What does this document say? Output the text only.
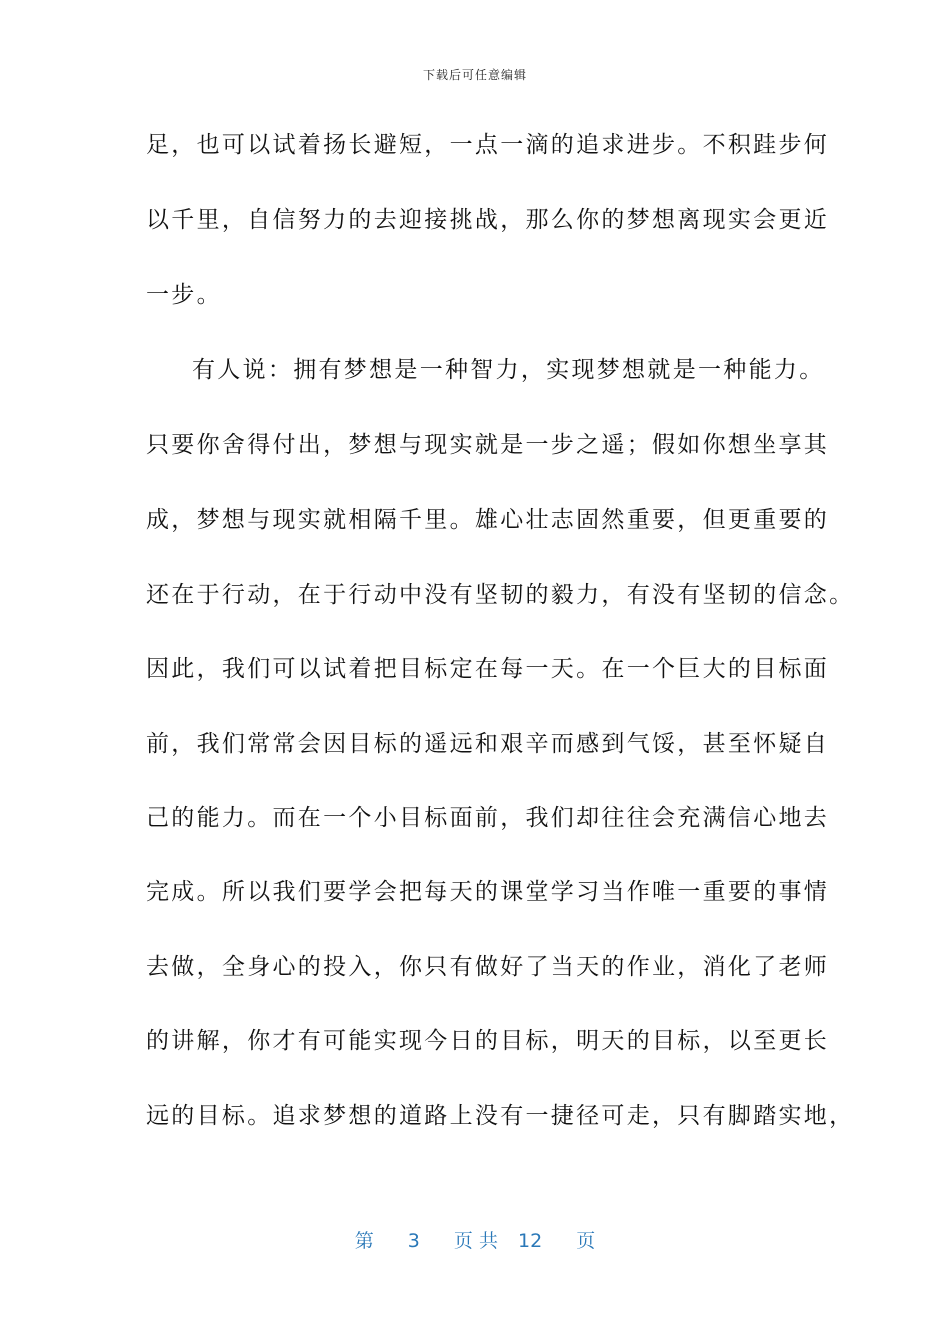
下载后可任意编辑
足，也可以试着扬长避短，一点一滴的追求进步。不积跬步何
以千里，自信努力的去迎接挑战，那么你的梦想离现实会更近
一步。
有人说：拥有梦想是一种智力，实现梦想就是一种能力。
只要你舍得付出，梦想与现实就是一步之遥；假如你想坐享其
成，梦想与现实就相隔千里。雄心壮志固然重要，但更重要的
还在于行动，在于行动中没有坚韧的毅力，有没有坚韧的信念。
因此，我们可以试着把目标定在每一天。在一个巨大的目标面
前，我们常常会因目标的遥远和艰辛而感到气馁，甚至怀疑自
己的能力。而在一个小目标面前，我们却往往会充满信心地去
完成。所以我们要学会把每天的课堂学习当作唯一重要的事情
去做，全身心的投入，你只有做好了当天的作业，消化了老师
的讲解，你才有可能实现今日的目标，明天的目标，以至更长
远的目标。追求梦想的道路上没有一捷径可走，只有脚踏实地，
第 3 页 共 12 页
